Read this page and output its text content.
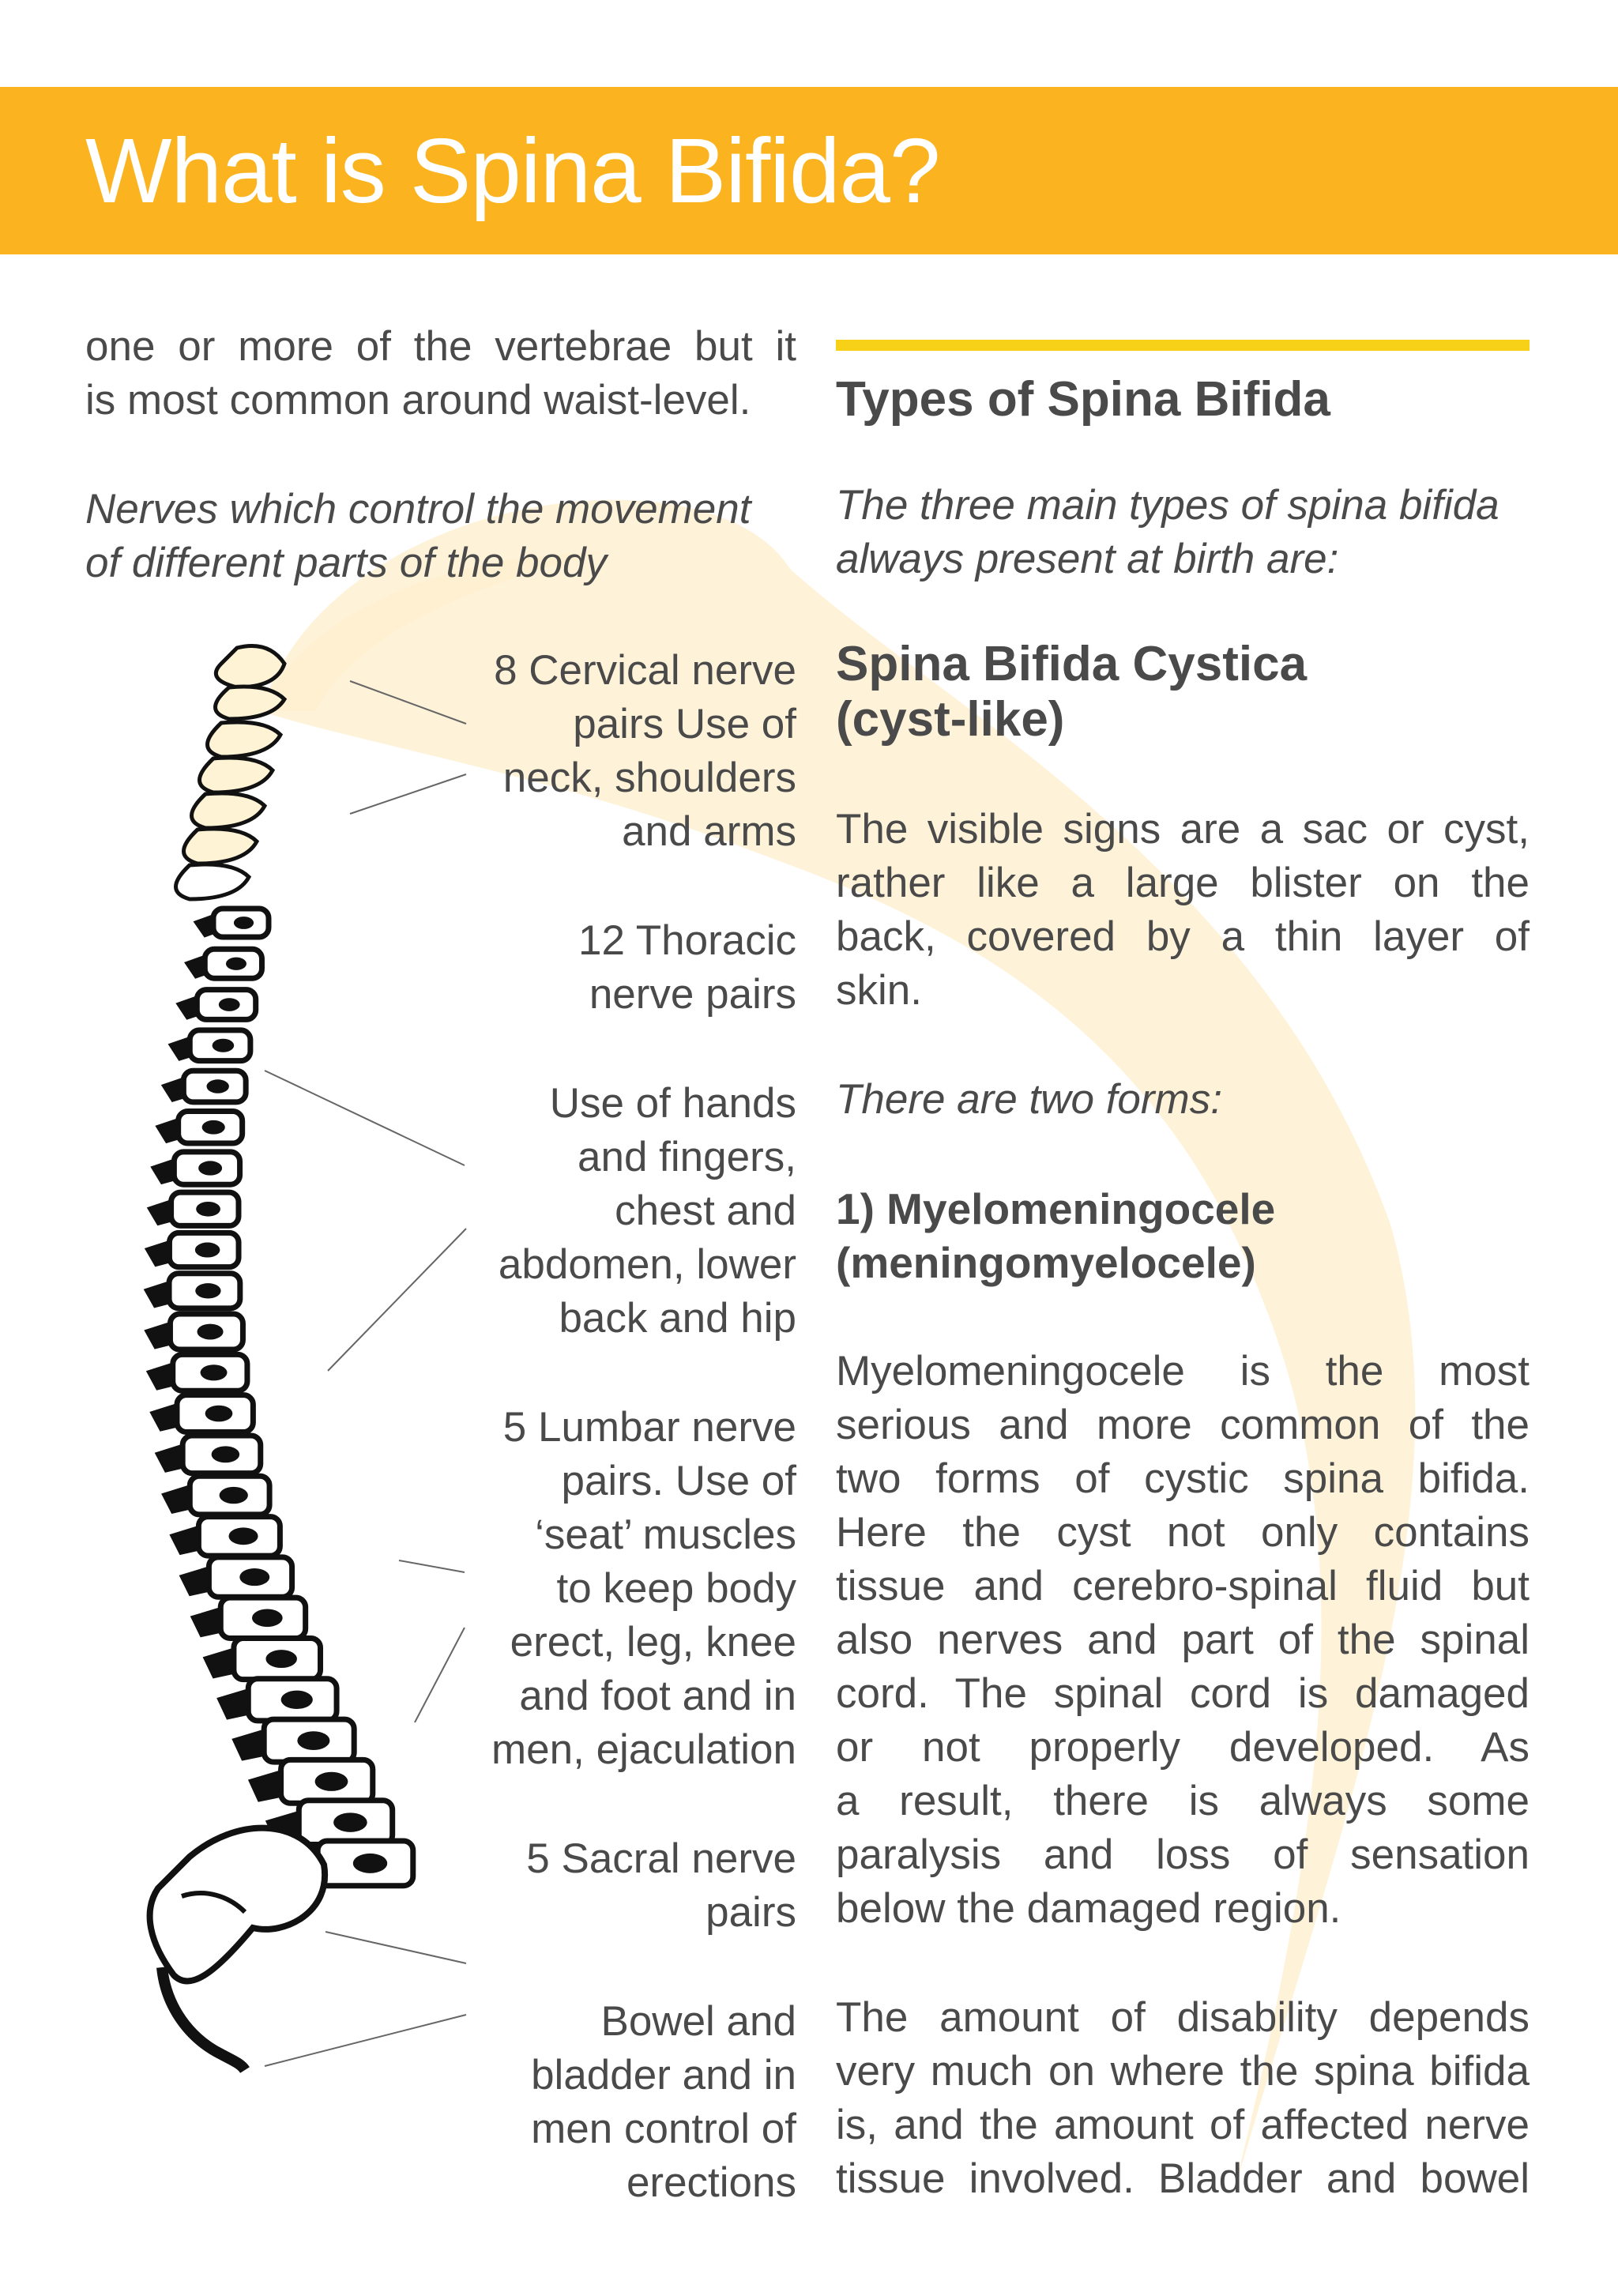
What is Spina Bifida?

one or more of the vertebrae but it
is most common around waist-level.

Nerves which control the movement
of different parts of the body

8 Cervical nerve
pairs Use of
neck, shoulders
and arms

12 Thoracic
nerve pairs

Use of hands
and fingers,
chest and
abdomen, lower
back and hip

5 Lumbar nerve
pairs. Use of
‘seat’ muscles
to keep body
erect, leg, knee
and foot and in
men, ejaculation

5 Sacral nerve
pairs

Bowel and
bladder and in
men control of
erections

Types of Spina Bifida

The three main types of spina bifida
always present at birth are:

Spina Bifida Cystica
(cyst-like)

The visible signs are a sac or cyst,
rather like a large blister on the
back, covered by a thin layer of
skin.

There are two forms:

1) Myelomeningocele
(meningomyelocele)

Myelomeningocele is the most
serious and more common of the
two forms of cystic spina bifida.
Here the cyst not only contains
tissue and cerebro-spinal fluid but
also nerves and part of the spinal
cord. The spinal cord is damaged
or not properly developed. As
a result, there is always some
paralysis and loss of sensation
below the damaged region.

The amount of disability depends
very much on where the spina bifida
is, and the amount of affected nerve
tissue involved. Bladder and bowel
